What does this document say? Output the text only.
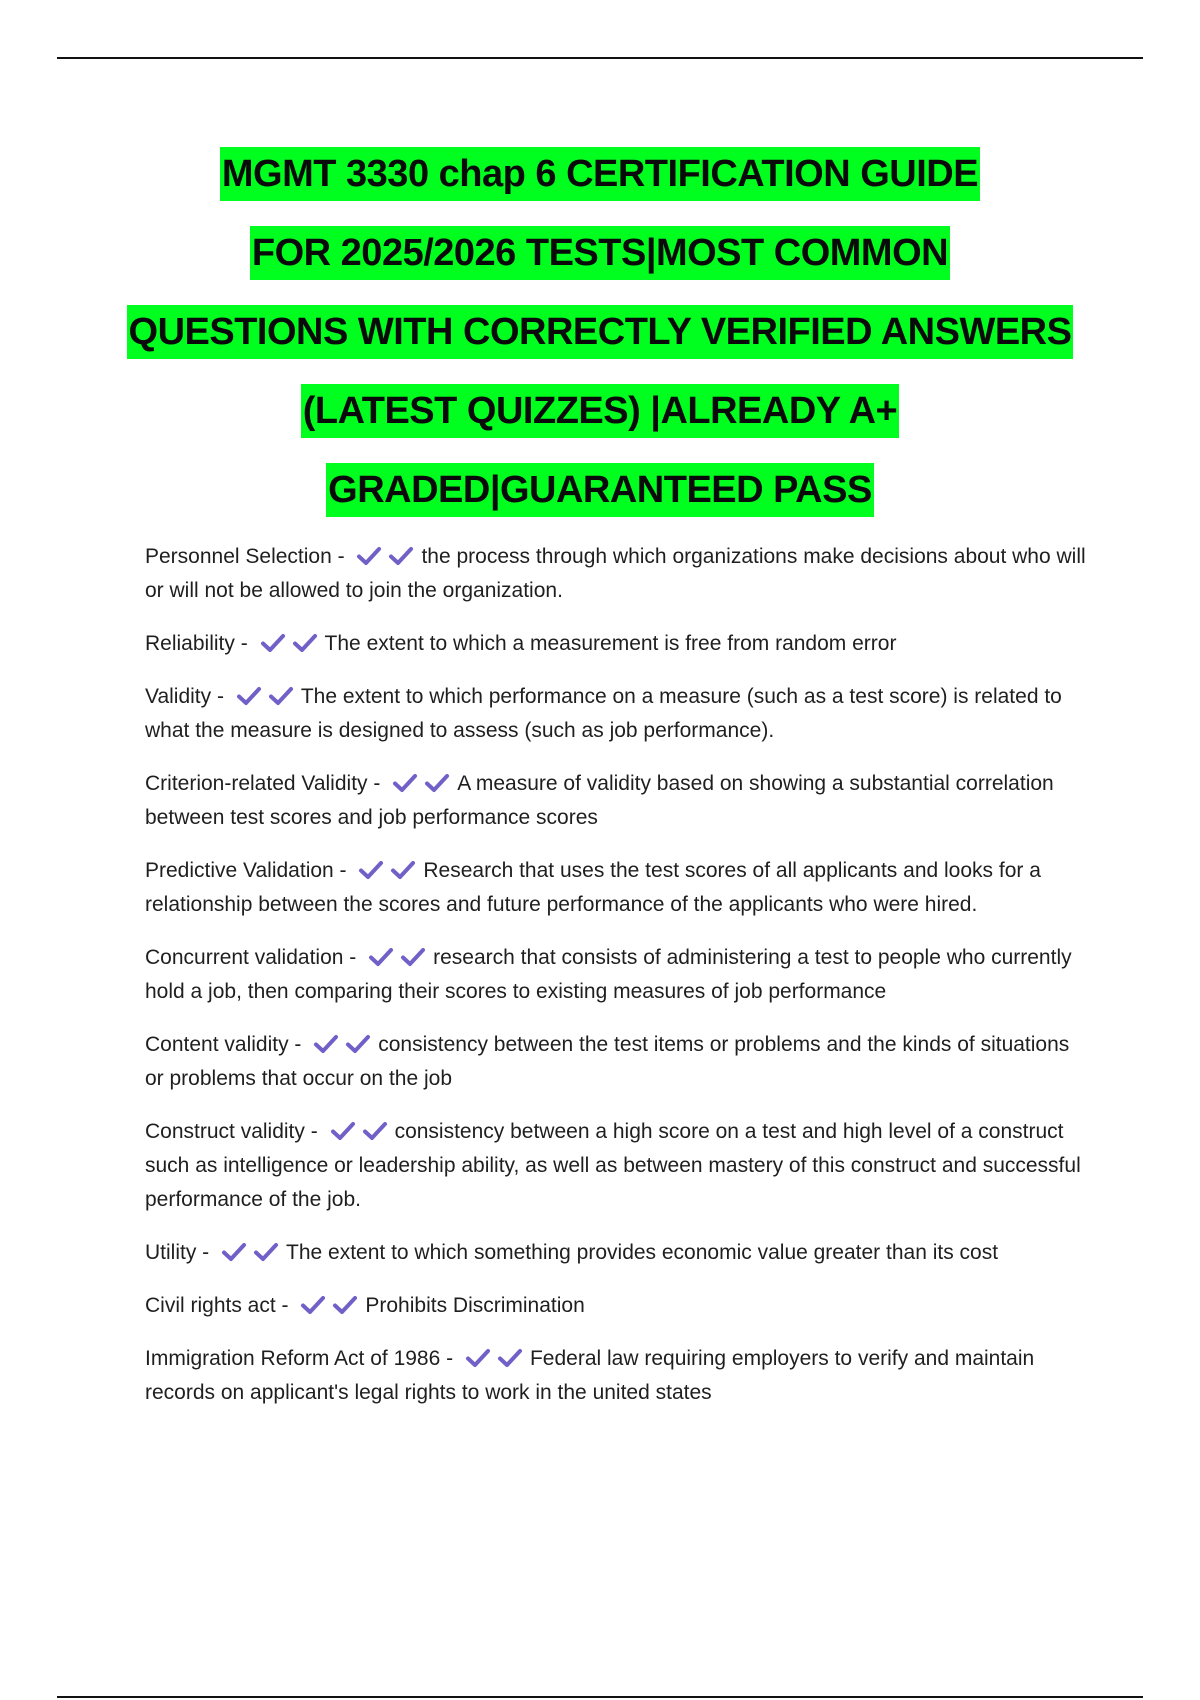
MGMT 3330 chap 6 CERTIFICATION GUIDE
FOR 2025/2026 TESTS|MOST COMMON
QUESTIONS WITH CORRECTLY VERIFIED ANSWERS
(LATEST QUIZZES) |ALREADY A+
GRADED|GUARANTEED PASS

Personnel Selection -	the process through which organizations make decisions about who will or will not be allowed to join the organization.

Reliability -	The extent to which a measurement is free from random error

Validity -	The extent to which performance on a measure (such as a test score) is related to what the measure is designed to assess (such as job performance).

Criterion-related Validity -	A measure of validity based on showing a substantial correlation between test scores and job performance scores

Predictive Validation -	Research that uses the test scores of all applicants and looks for a relationship between the scores and future performance of the applicants who were hired.

Concurrent validation -	research that consists of administering a test to people who currently hold a job, then comparing their scores to existing measures of job performance

Content validity -	consistency between the test items or problems and the kinds of situations or problems that occur on the job

Construct validity -	consistency between a high score on a test and high level of a construct such as intelligence or leadership ability, as well as between mastery of this construct and successful performance of the job.

Utility -	The extent to which something provides economic value greater than its cost

Civil rights act -	Prohibits Discrimination

Immigration Reform Act of 1986 -	Federal law requiring employers to verify and maintain records on applicant's legal rights to work in the united states
